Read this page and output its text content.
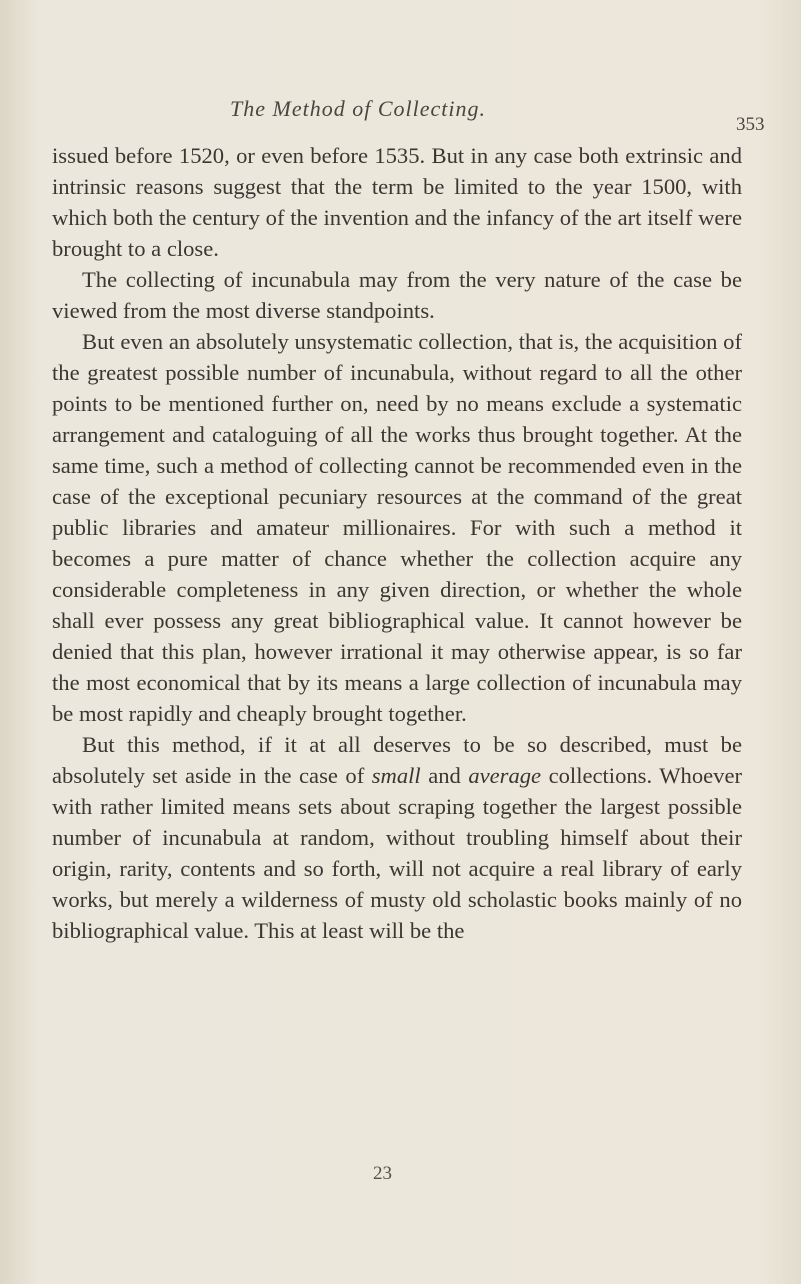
The Method of Collecting.
353

issued before 1520, or even before 1535. But in any case both extrinsic and intrinsic reasons suggest that the term be limited to the year 1500, with which both the century of the invention and the infancy of the art itself were brought to a close.

The collecting of incunabula may from the very nature of the case be viewed from the most diverse standpoints.

But even an absolutely unsystematic collection, that is, the acquisition of the greatest possible number of incunabula, without regard to all the other points to be mentioned further on, need by no means exclude a systematic arrangement and cataloguing of all the works thus brought together. At the same time, such a method of collecting cannot be recommended even in the case of the exceptional pecuniary resources at the command of the great public libraries and amateur millionaires. For with such a method it becomes a pure matter of chance whether the collection acquire any considerable completeness in any given direction, or whether the whole shall ever possess any great bibliographical value. It cannot however be denied that this plan, however irrational it may otherwise appear, is so far the most economical that by its means a large collection of incunabula may be most rapidly and cheaply brought together.

But this method, if it at all deserves to be so described, must be absolutely set aside in the case of small and average collections. Whoever with rather limited means sets about scraping together the largest possible number of incunabula at random, without troubling himself about their origin, rarity, contents and so forth, will not acquire a real library of early works, but merely a wilderness of musty old scholastic books mainly of no bibliographical value. This at least will be the

23
